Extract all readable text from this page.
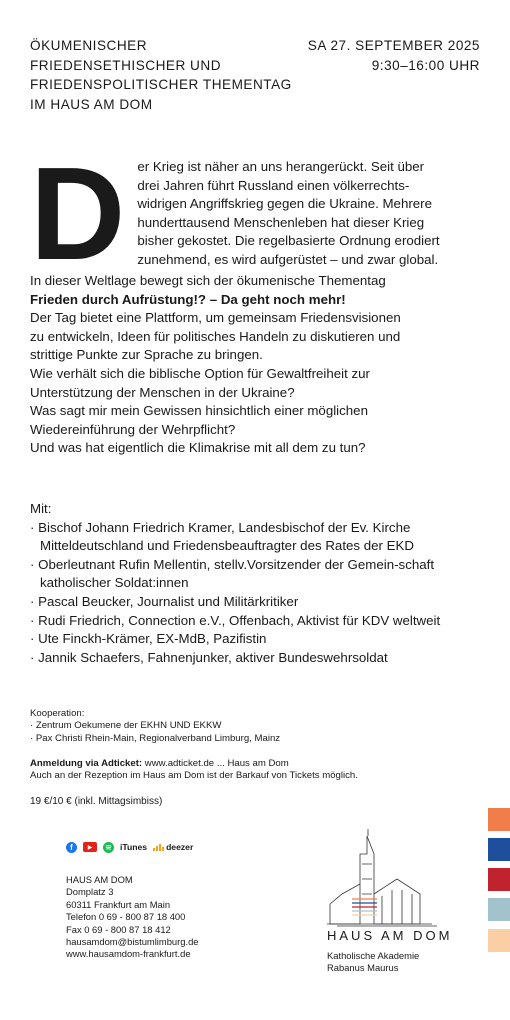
ÖKUMENISCHER
FRIEDENSETHISCHER UND
FRIEDENSPOLITISCHER THEMENTAG
IM HAUS AM DOM
SA 27. SEPTEMBER 2025
9:30–16:00 UHR
D er Krieg ist näher an uns herangerückt. Seit über
drei Jahren führt Russland einen völkerrechts-
widrigen Angriffskrieg gegen die Ukraine. Mehrere
hunderttausend Menschenleben hat dieser Krieg
bisher gekostet. Die regelbasierte Ordnung erodiert
zunehmend, es wird aufgerüstet – und zwar global.
In dieser Weltlage bewegt sich der ökumenische Thementag
Frieden durch Aufrüstung!? – Da geht noch mehr!
Der Tag bietet eine Plattform, um gemeinsam Friedensvisionen
zu entwickeln, Ideen für politisches Handeln zu diskutieren und
strittige Punkte zur Sprache zu bringen.
Wie verhält sich die biblische Option für Gewaltfreiheit zur
Unterstützung der Menschen in der Ukraine?
Was sagt mir mein Gewissen hinsichtlich einer möglichen
Wiedereinführung der Wehrpflicht?
Und was hat eigentlich die Klimakrise mit all dem zu tun?
Mit:
· Bischof Johann Friedrich Kramer, Landesbischof der Ev. Kirche Mitteldeutschland und Friedensbeauftragter des Rates der EKD
· Oberleutnant Rufin Mellentin, stellv.Vorsitzender der Gemein-schaft katholischer Soldat:innen
· Pascal Beucker, Journalist und Militärkritiker
· Rudi Friedrich, Connection e.V., Offenbach, Aktivist für KDV weltweit
· Ute Finckh-Krämer, EX-MdB, Pazifistin
· Jannik Schaefers, Fahnenjunker, aktiver Bundeswehrsoldat
Kooperation:
· Zentrum Oekumene der EKHN UND EKKW
· Pax Christi Rhein-Main, Regionalverband Limburg, Mainz
Anmeldung via Adticket: www.adticket.de ... Haus am Dom
Auch an der Rezeption im Haus am Dom ist der Barkauf von Tickets möglich.
19 €/10 € (inkl. Mittagsimbiss)
f	▶	iTunes deezer
HAUS AM DOM
Domplatz 3
60311 Frankfurt am Main
Telefon 0 69 - 800 87 18 400
Fax 0 69 - 800 87 18 412
hausamdom@bistumlimburg.de
www.hausamdom-frankfurt.de
HAUS AM DOM
Katholische Akademie
Rabanus Maurus
